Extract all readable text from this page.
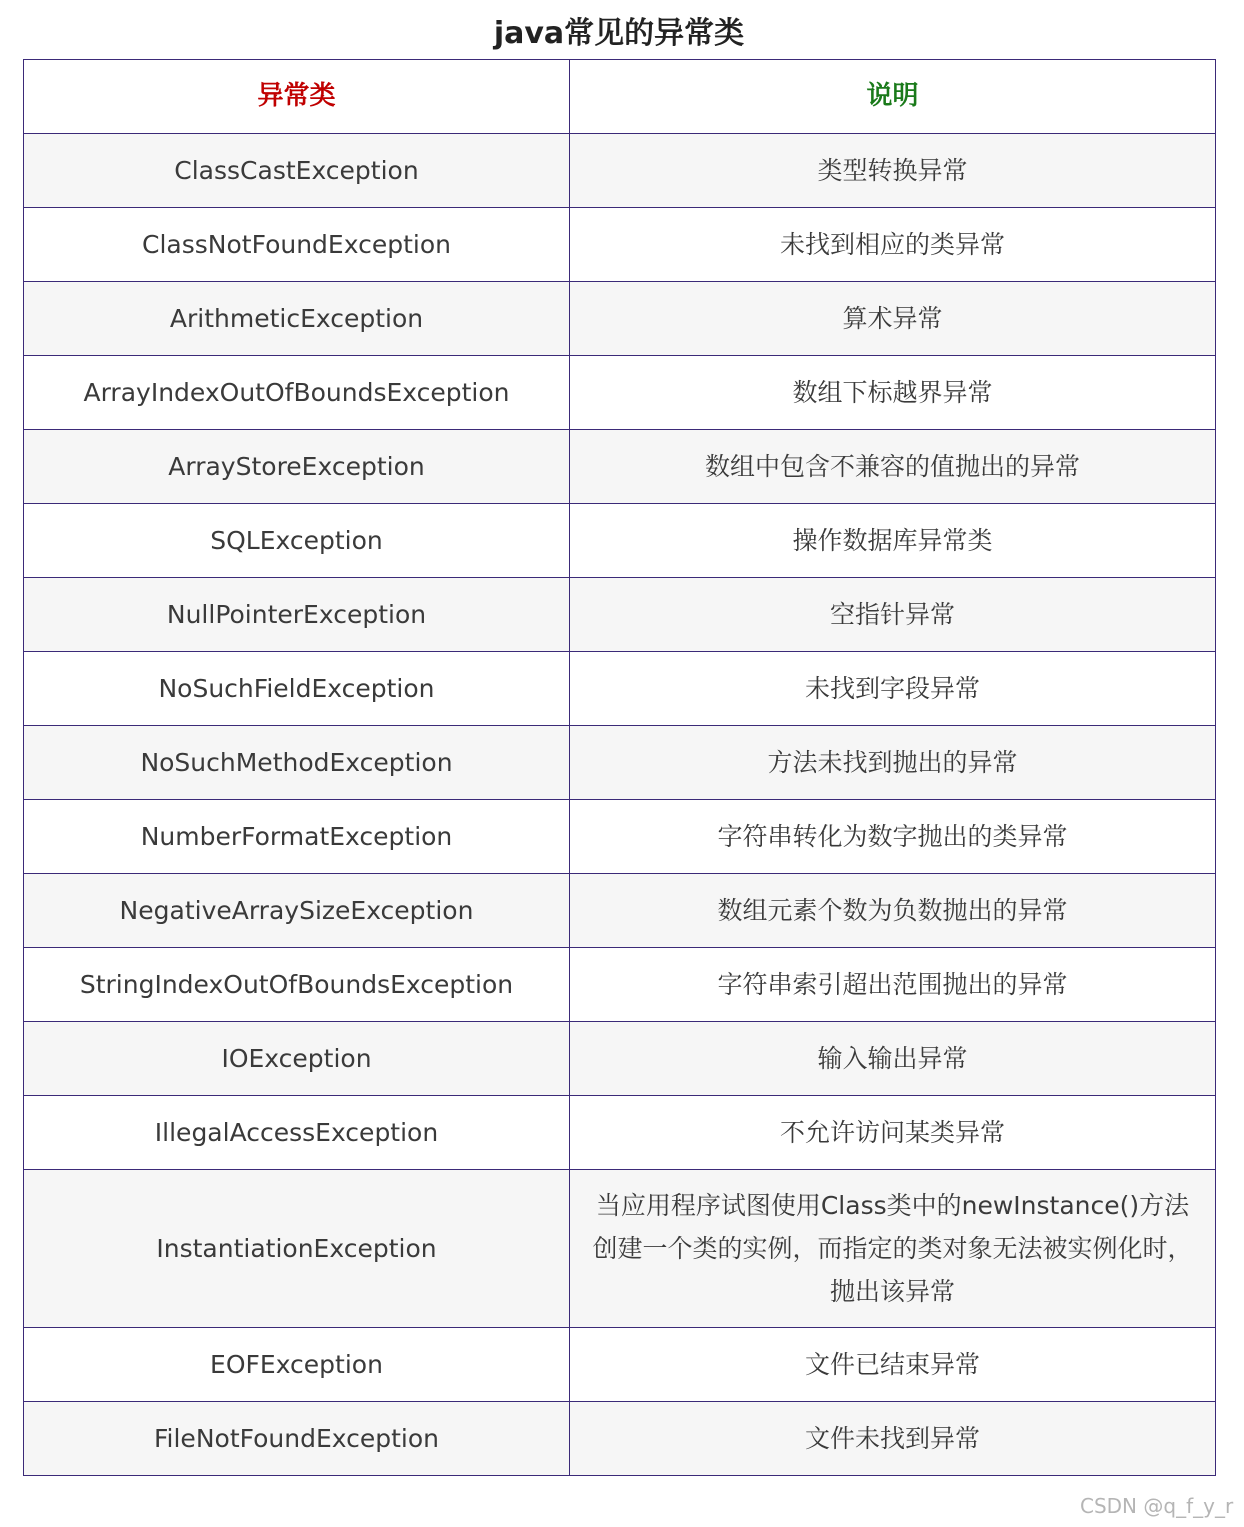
java常见的异常类
异常类	说明
ClassCastException	类型转换异常
ClassNotFoundException	未找到相应的类异常
ArithmeticException	算术异常
ArrayIndexOutOfBoundsException	数组下标越界异常
ArrayStoreException	数组中包含不兼容的值抛出的异常
SQLException	操作数据库异常类
NullPointerException	空指针异常
NoSuchFieldException	未找到字段异常
NoSuchMethodException	方法未找到抛出的异常
NumberFormatException	字符串转化为数字抛出的类异常
NegativeArraySizeException	数组元素个数为负数抛出的异常
StringIndexOutOfBoundsException	字符串索引超出范围抛出的异常
IOException	输入输出异常
IllegalAccessException	不允许访问某类异常
InstantiationException	当应用程序试图使用Class类中的newInstance()方法创建一个类的实例，而指定的类对象无法被实例化时，抛出该异常
EOFException	文件已结束异常
FileNotFoundException	文件未找到异常
CSDN @q_f_y_r
